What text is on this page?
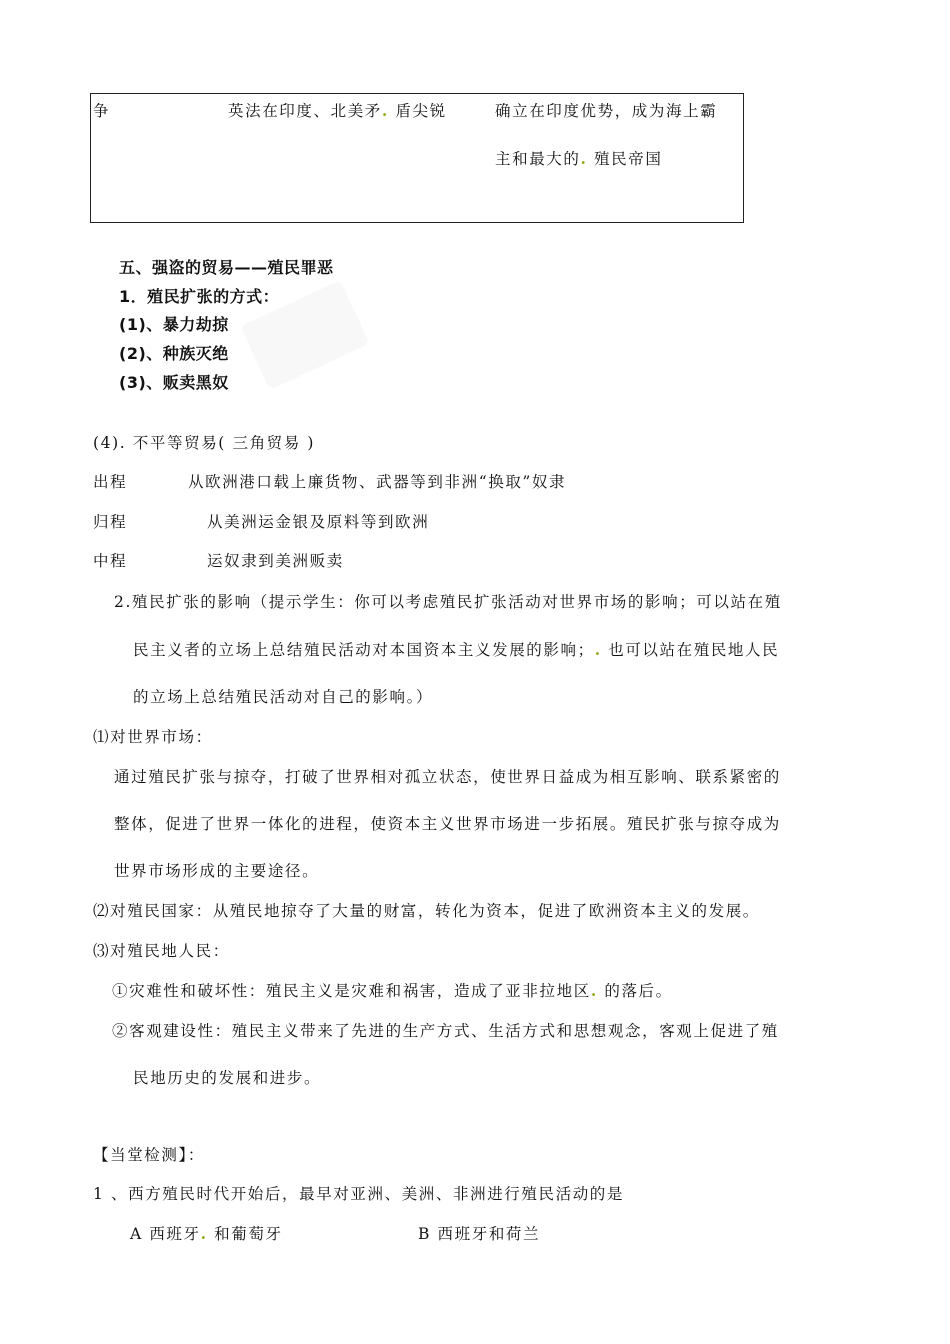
争	英法在印度、北美矛. 盾尖锐	确立在印度优势，成为海上霸
主和最大的. 殖民帝国
五、强盗的贸易——殖民罪恶
1．殖民扩张的方式：
(1)、暴力劫掠
(2)、种族灭绝
(3)、贩卖黑奴
(4). 不平等贸易( 三角贸易 )
出程	从欧洲港口载上廉货物、武器等到非洲“换取”奴隶
归程	从美洲运金银及原料等到欧洲
中程	运奴隶到美洲贩卖
2.殖民扩张的影响（提示学生：你可以考虑殖民扩张活动对世界市场的影响；可以站在殖
民主义者的立场上总结殖民活动对本国资本主义发展的影响；. 也可以站在殖民地人民
的立场上总结殖民活动对自己的影响。）
⑴对世界市场：
通过殖民扩张与掠夺，打破了世界相对孤立状态，使世界日益成为相互影响、联系紧密的
整体，促进了世界一体化的进程，使资本主义世界市场进一步拓展。殖民扩张与掠夺成为
世界市场形成的主要途径。
⑵对殖民国家：从殖民地掠夺了大量的财富，转化为资本，促进了欧洲资本主义的发展。
⑶对殖民地人民：
①灾难性和破坏性：殖民主义是灾难和祸害，造成了亚非拉地区. 的落后。
②客观建设性：殖民主义带来了先进的生产方式、生活方式和思想观念，客观上促进了殖
民地历史的发展和进步。
【当堂检测】：
1 、西方殖民时代开始后，最早对亚洲、美洲、非洲进行殖民活动的是
A 西班牙. 和葡萄牙	B 西班牙和荷兰
